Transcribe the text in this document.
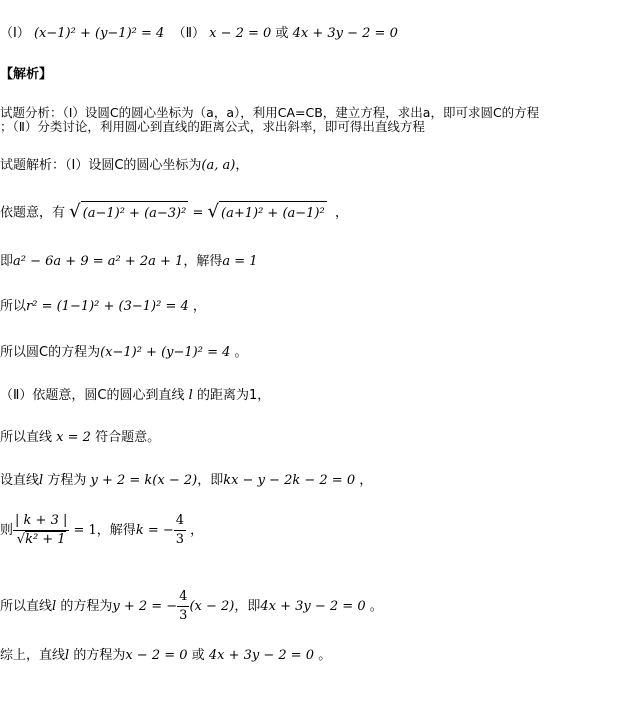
（Ⅰ） (x−1)² + (y−1)² = 4 （Ⅱ） x − 2 = 0 或 4x + 3y − 2 = 0
【解析】
试题分析：（Ⅰ）设圆C的圆心坐标为（a，a），利用CA=CB，建立方程，求出a，即可求圆C的方程
；（Ⅱ）分类讨论，利用圆心到直线的距离公式，求出斜率，即可得出直线方程
试题解析：（Ⅰ）设圆C的圆心坐标为(a, a)，
依题意，有 √ (a−1)² + (a−3)² = √ (a+1)² + (a−1)² ，
即a² − 6a + 9 = a² + 2a + 1，解得a = 1
所以r² = (1−1)² + (3−1)² = 4 ，
所以圆C的方程为(x−1)² + (y−1)² = 4 。
（Ⅱ）依题意，圆C的圆心到直线 l 的距离为1，
所以直线 x = 2 符合题意。
设直线l 方程为 y + 2 = k(x − 2)，即kx − y − 2k − 2 = 0 ，
则 $\frac{| k + 3 |}{\text{√k² + 1}} = 1$，解得k = − $\frac{4}{3}$ ，
所以直线l 的方程为y + 2 = − $\frac{4}{3} (x - 2)$，即4x + 3y − 2 = 0 。
综上，直线l 的方程为x − 2 = 0 或 4x + 3y − 2 = 0 。
